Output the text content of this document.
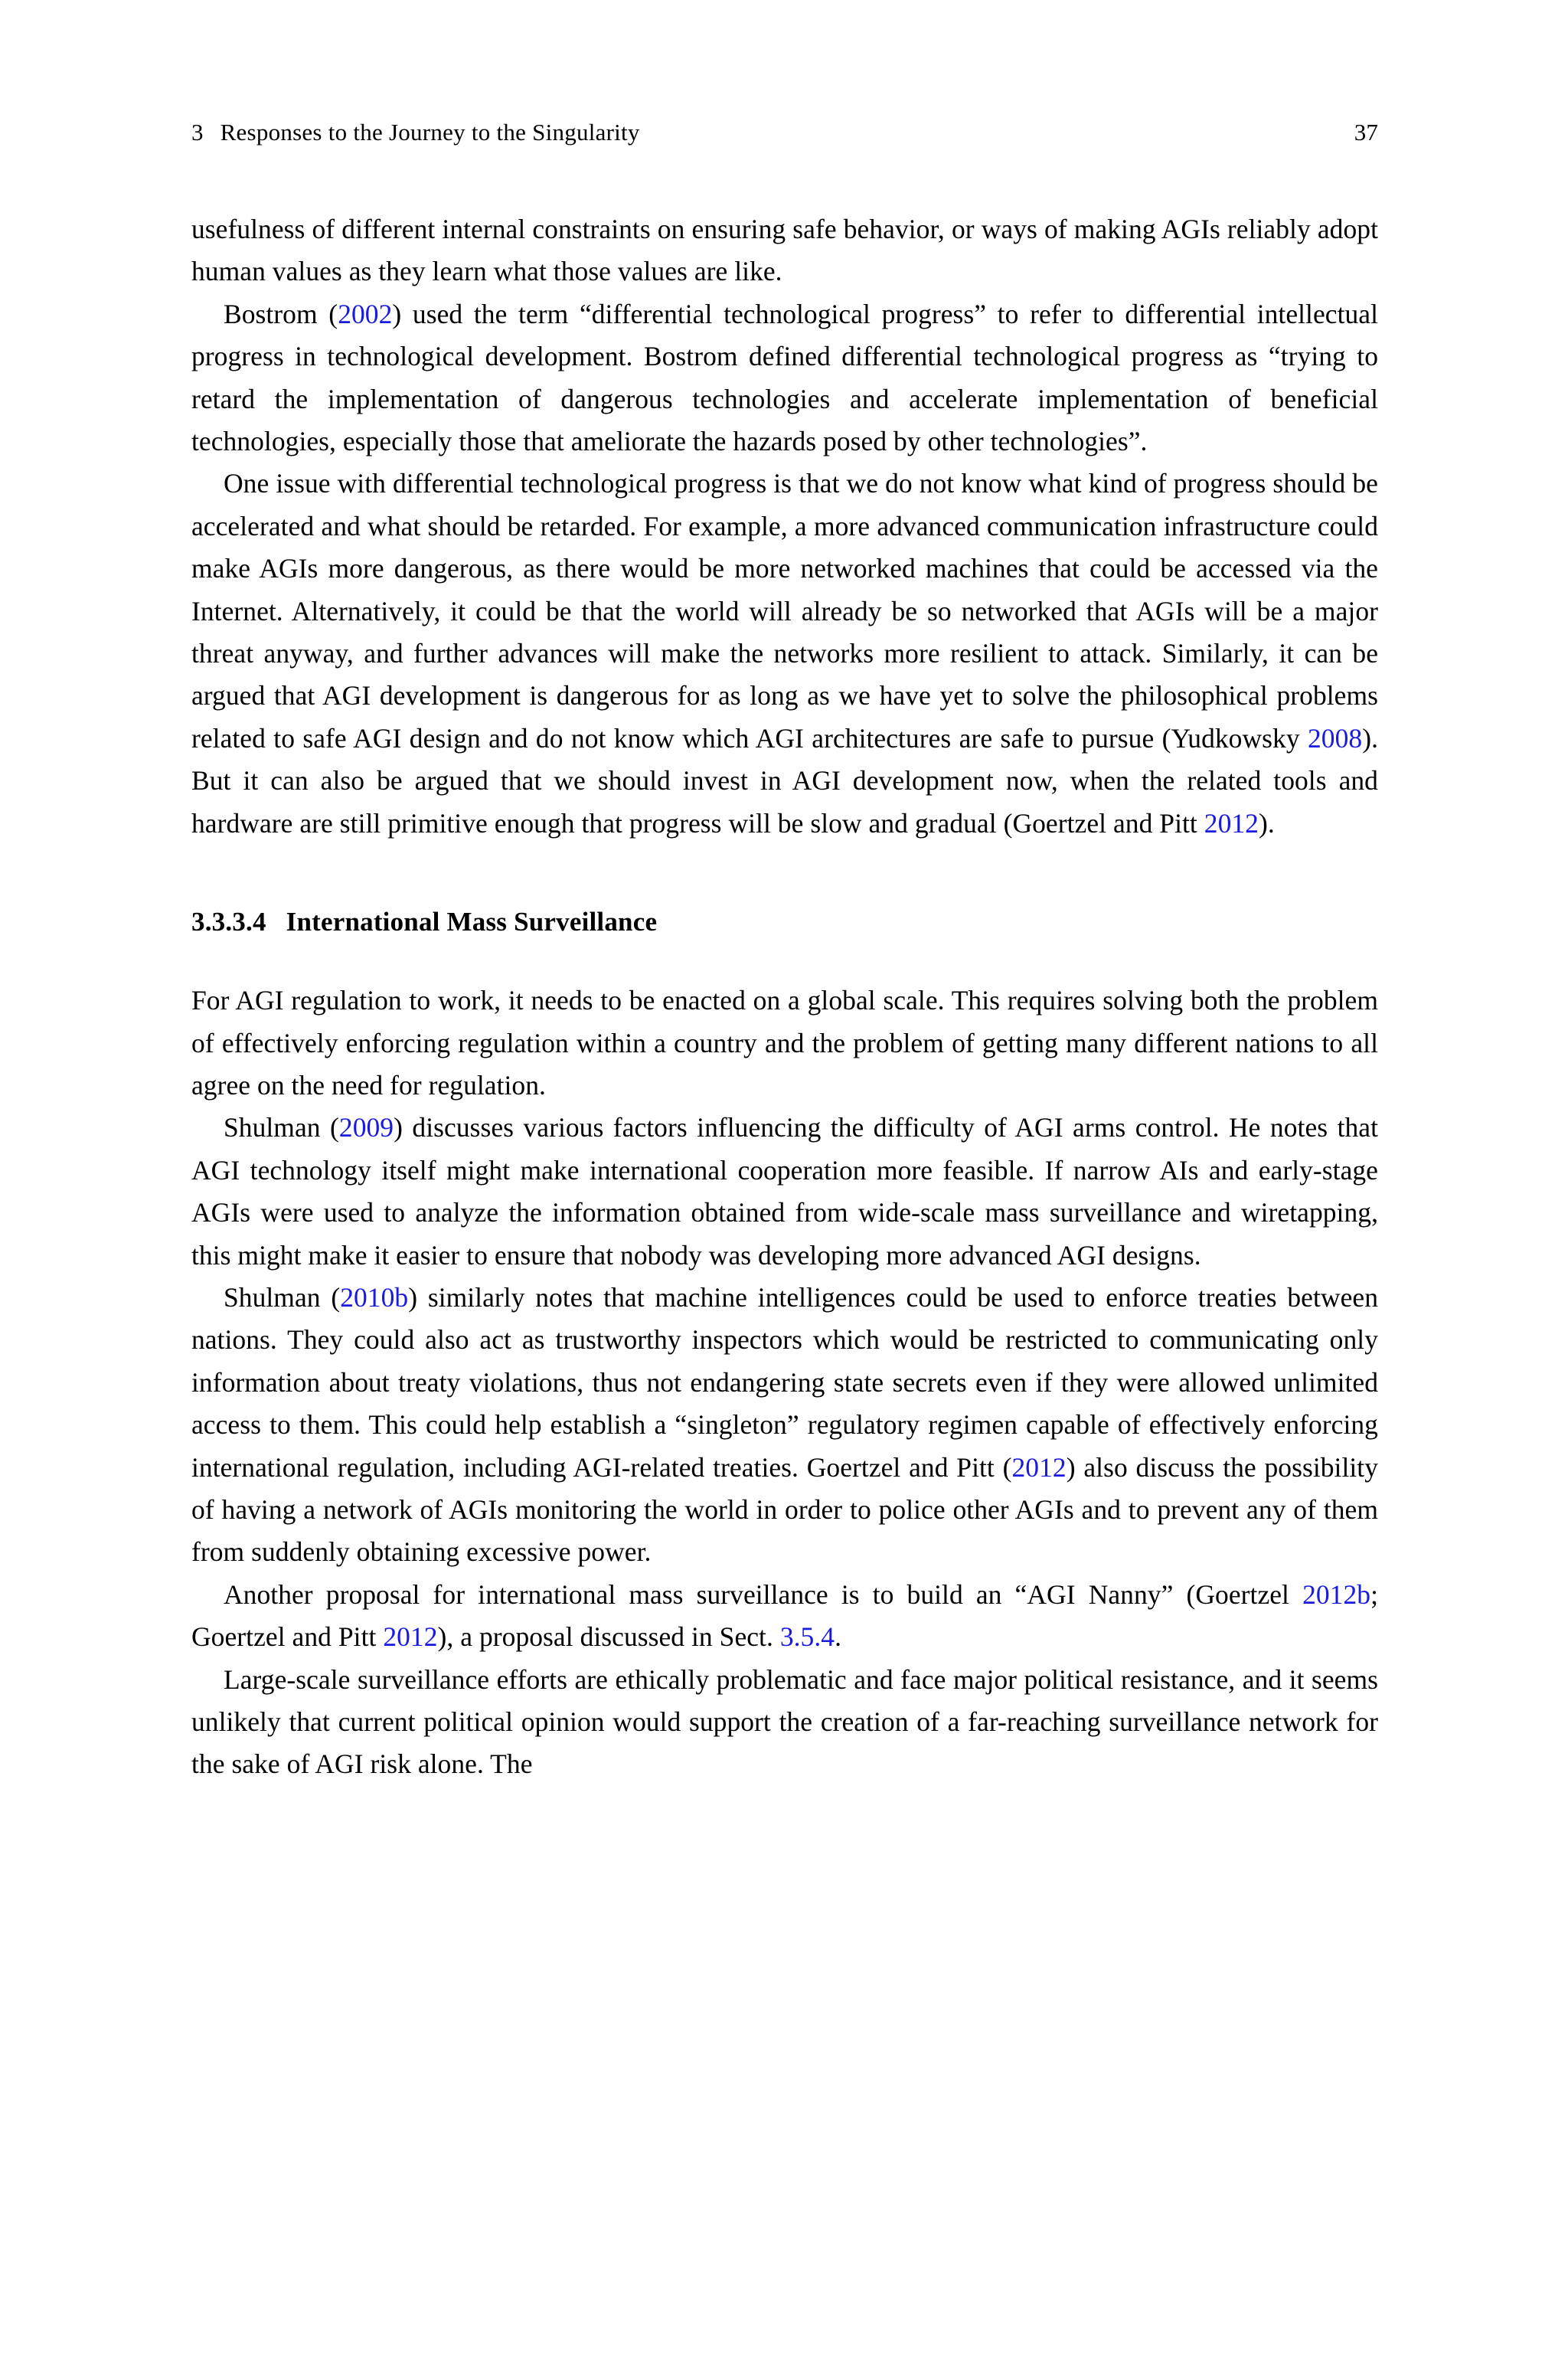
3 Responses to the Journey to the Singularity	37

usefulness of different internal constraints on ensuring safe behavior, or ways of making AGIs reliably adopt human values as they learn what those values are like.

Bostrom (2002) used the term “differential technological progress” to refer to differential intellectual progress in technological development. Bostrom defined differential technological progress as “trying to retard the implementation of dangerous technologies and accelerate implementation of beneficial technologies, especially those that ameliorate the hazards posed by other technologies”.

One issue with differential technological progress is that we do not know what kind of progress should be accelerated and what should be retarded. For example, a more advanced communication infrastructure could make AGIs more dangerous, as there would be more networked machines that could be accessed via the Internet. Alternatively, it could be that the world will already be so networked that AGIs will be a major threat anyway, and further advances will make the networks more resilient to attack. Similarly, it can be argued that AGI development is dangerous for as long as we have yet to solve the philosophical problems related to safe AGI design and do not know which AGI architectures are safe to pursue (Yudkowsky 2008). But it can also be argued that we should invest in AGI development now, when the related tools and hardware are still primitive enough that progress will be slow and gradual (Goertzel and Pitt 2012).

3.3.3.4 International Mass Surveillance

For AGI regulation to work, it needs to be enacted on a global scale. This requires solving both the problem of effectively enforcing regulation within a country and the problem of getting many different nations to all agree on the need for regulation.

Shulman (2009) discusses various factors influencing the difficulty of AGI arms control. He notes that AGI technology itself might make international cooperation more feasible. If narrow AIs and early-stage AGIs were used to analyze the information obtained from wide-scale mass surveillance and wiretapping, this might make it easier to ensure that nobody was developing more advanced AGI designs.

Shulman (2010b) similarly notes that machine intelligences could be used to enforce treaties between nations. They could also act as trustworthy inspectors which would be restricted to communicating only information about treaty violations, thus not endangering state secrets even if they were allowed unlimited access to them. This could help establish a “singleton” regulatory regimen capable of effectively enforcing international regulation, including AGI-related treaties. Goertzel and Pitt (2012) also discuss the possibility of having a network of AGIs monitoring the world in order to police other AGIs and to prevent any of them from suddenly obtaining excessive power.

Another proposal for international mass surveillance is to build an “AGI Nanny” (Goertzel 2012b; Goertzel and Pitt 2012), a proposal discussed in Sect. 3.5.4.

Large-scale surveillance efforts are ethically problematic and face major political resistance, and it seems unlikely that current political opinion would support the creation of a far-reaching surveillance network for the sake of AGI risk alone. The
